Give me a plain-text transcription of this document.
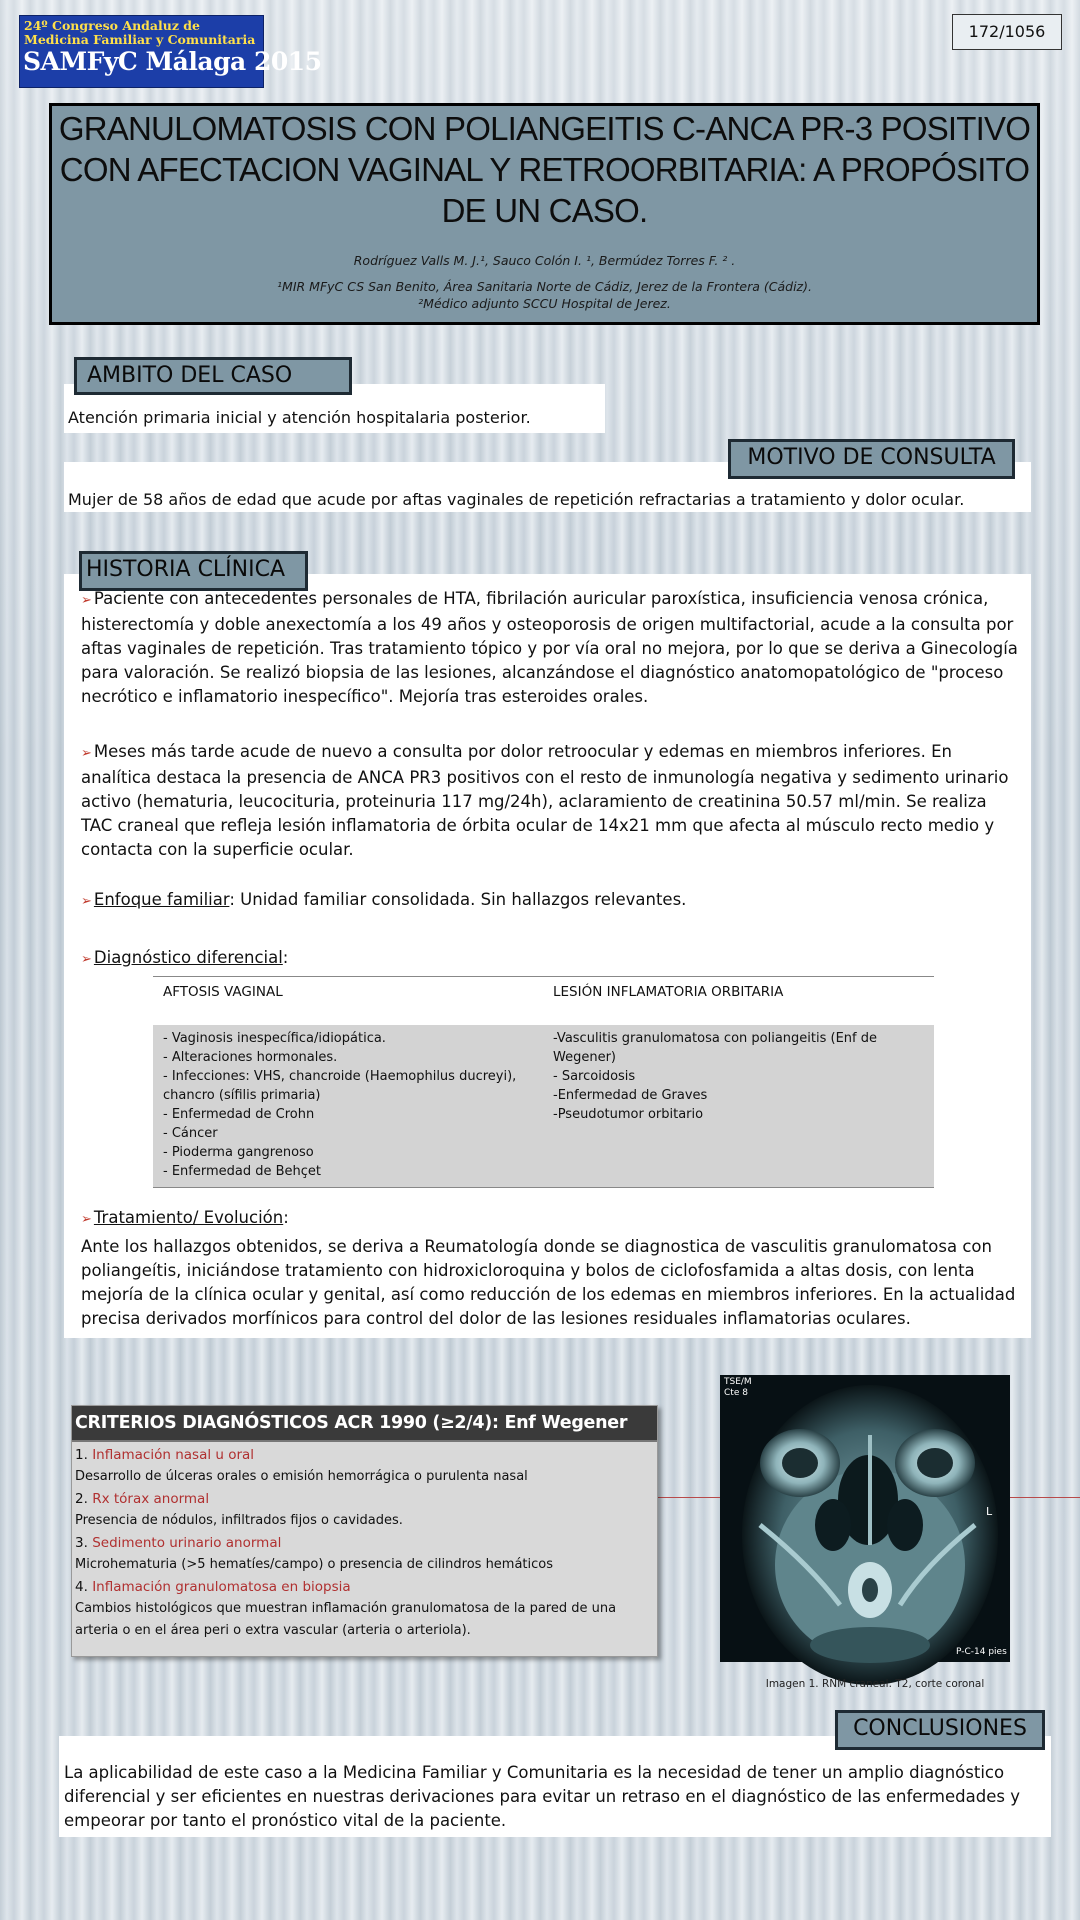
24º Congreso Andaluz de
Medicina Familiar y Comunitaria
SAMFyC Málaga 2015
172/1056
GRANULOMATOSIS CON POLIANGEITIS C-ANCA PR-3 POSITIVO CON AFECTACION VAGINAL Y RETROORBITARIA: A PROPÓSITO DE UN CASO.
Rodríguez Valls M. J.¹, Sauco Colón I. ¹, Bermúdez Torres F. ² .
¹MIR MFyC CS San Benito, Área Sanitaria Norte de Cádiz, Jerez de la Frontera (Cádiz).
²Médico adjunto SCCU Hospital de Jerez.
AMBITO DEL CASO
Atención primaria inicial y atención hospitalaria posterior.
MOTIVO DE CONSULTA
Mujer de 58 años de edad que acude por aftas vaginales de repetición refractarias a tratamiento y dolor ocular.
HISTORIA CLÍNICA
➢ Paciente con antecedentes personales de HTA, fibrilación auricular paroxística, insuficiencia venosa crónica, histerectomía y doble anexectomía a los 49 años y osteoporosis de origen multifactorial, acude a la consulta por aftas vaginales de repetición. Tras tratamiento tópico y por vía oral no mejora, por lo que se deriva a Ginecología para valoración. Se realizó biopsia de las lesiones, alcanzándose el diagnóstico anatomopatológico de "proceso necrótico e inflamatorio inespecífico". Mejoría tras esteroides orales.
➢ Meses más tarde acude de nuevo a consulta por dolor retroocular y edemas en miembros inferiores. En analítica destaca la presencia de ANCA PR3 positivos con el resto de inmunología negativa y sedimento urinario activo (hematuria, leucocituria, proteinuria 117 mg/24h), aclaramiento de creatinina 50.57 ml/min. Se realiza TAC craneal que refleja lesión inflamatoria de órbita ocular de 14x21 mm que afecta al músculo recto medio y contacta con la superficie ocular.
➢ Enfoque familiar: Unidad familiar consolidada. Sin hallazgos relevantes.
➢ Diagnóstico diferencial:
AFTOSIS VAGINAL	LESIÓN INFLAMATORIA ORBITARIA
- Vaginosis inespecífica/idiopática.
- Alteraciones hormonales.
- Infecciones: VHS, chancroide (Haemophilus ducreyi), chancro (sífilis primaria)
- Enfermedad de Crohn
- Cáncer
- Pioderma gangrenoso
- Enfermedad de Behçet
-Vasculitis granulomatosa con poliangeitis (Enf de Wegener)
- Sarcoidosis
-Enfermedad de Graves
-Pseudotumor orbitario
➢ Tratamiento/ Evolución:
Ante los hallazgos obtenidos, se deriva a Reumatología donde se diagnostica de vasculitis granulomatosa con poliangeítis, iniciándose tratamiento con hidroxicloroquina y bolos de ciclofosfamida a altas dosis, con lenta mejoría de la clínica ocular y genital, así como reducción de los edemas en miembros inferiores. En la actualidad precisa derivados morfínicos para control del dolor de las lesiones residuales inflamatorias oculares.
CRITERIOS DIAGNÓSTICOS ACR 1990 (≥2/4): Enf Wegener
1. Inflamación nasal u oral
Desarrollo de úlceras orales o emisión hemorrágica o purulenta nasal
2. Rx tórax anormal
Presencia de nódulos, infiltrados fijos o cavidades.
3. Sedimento urinario anormal
Microhematuria (>5 hematíes/campo) o presencia de cilindros hemáticos
4. Inflamación granulomatosa en biopsia
Cambios histológicos que muestran inflamación granulomatosa de la pared de una arteria o en el área peri o extra vascular (arteria o arteriola).
TSE/M
Cte 8
L
P-C-14 pies
Imagen 1. RNM craneal: T2, corte coronal
CONCLUSIONES
La aplicabilidad de este caso a la Medicina Familiar y Comunitaria es la necesidad de tener un amplio diagnóstico diferencial y ser eficientes en nuestras derivaciones para evitar un retraso en el diagnóstico de las enfermedades y empeorar por tanto el pronóstico vital de la paciente.
